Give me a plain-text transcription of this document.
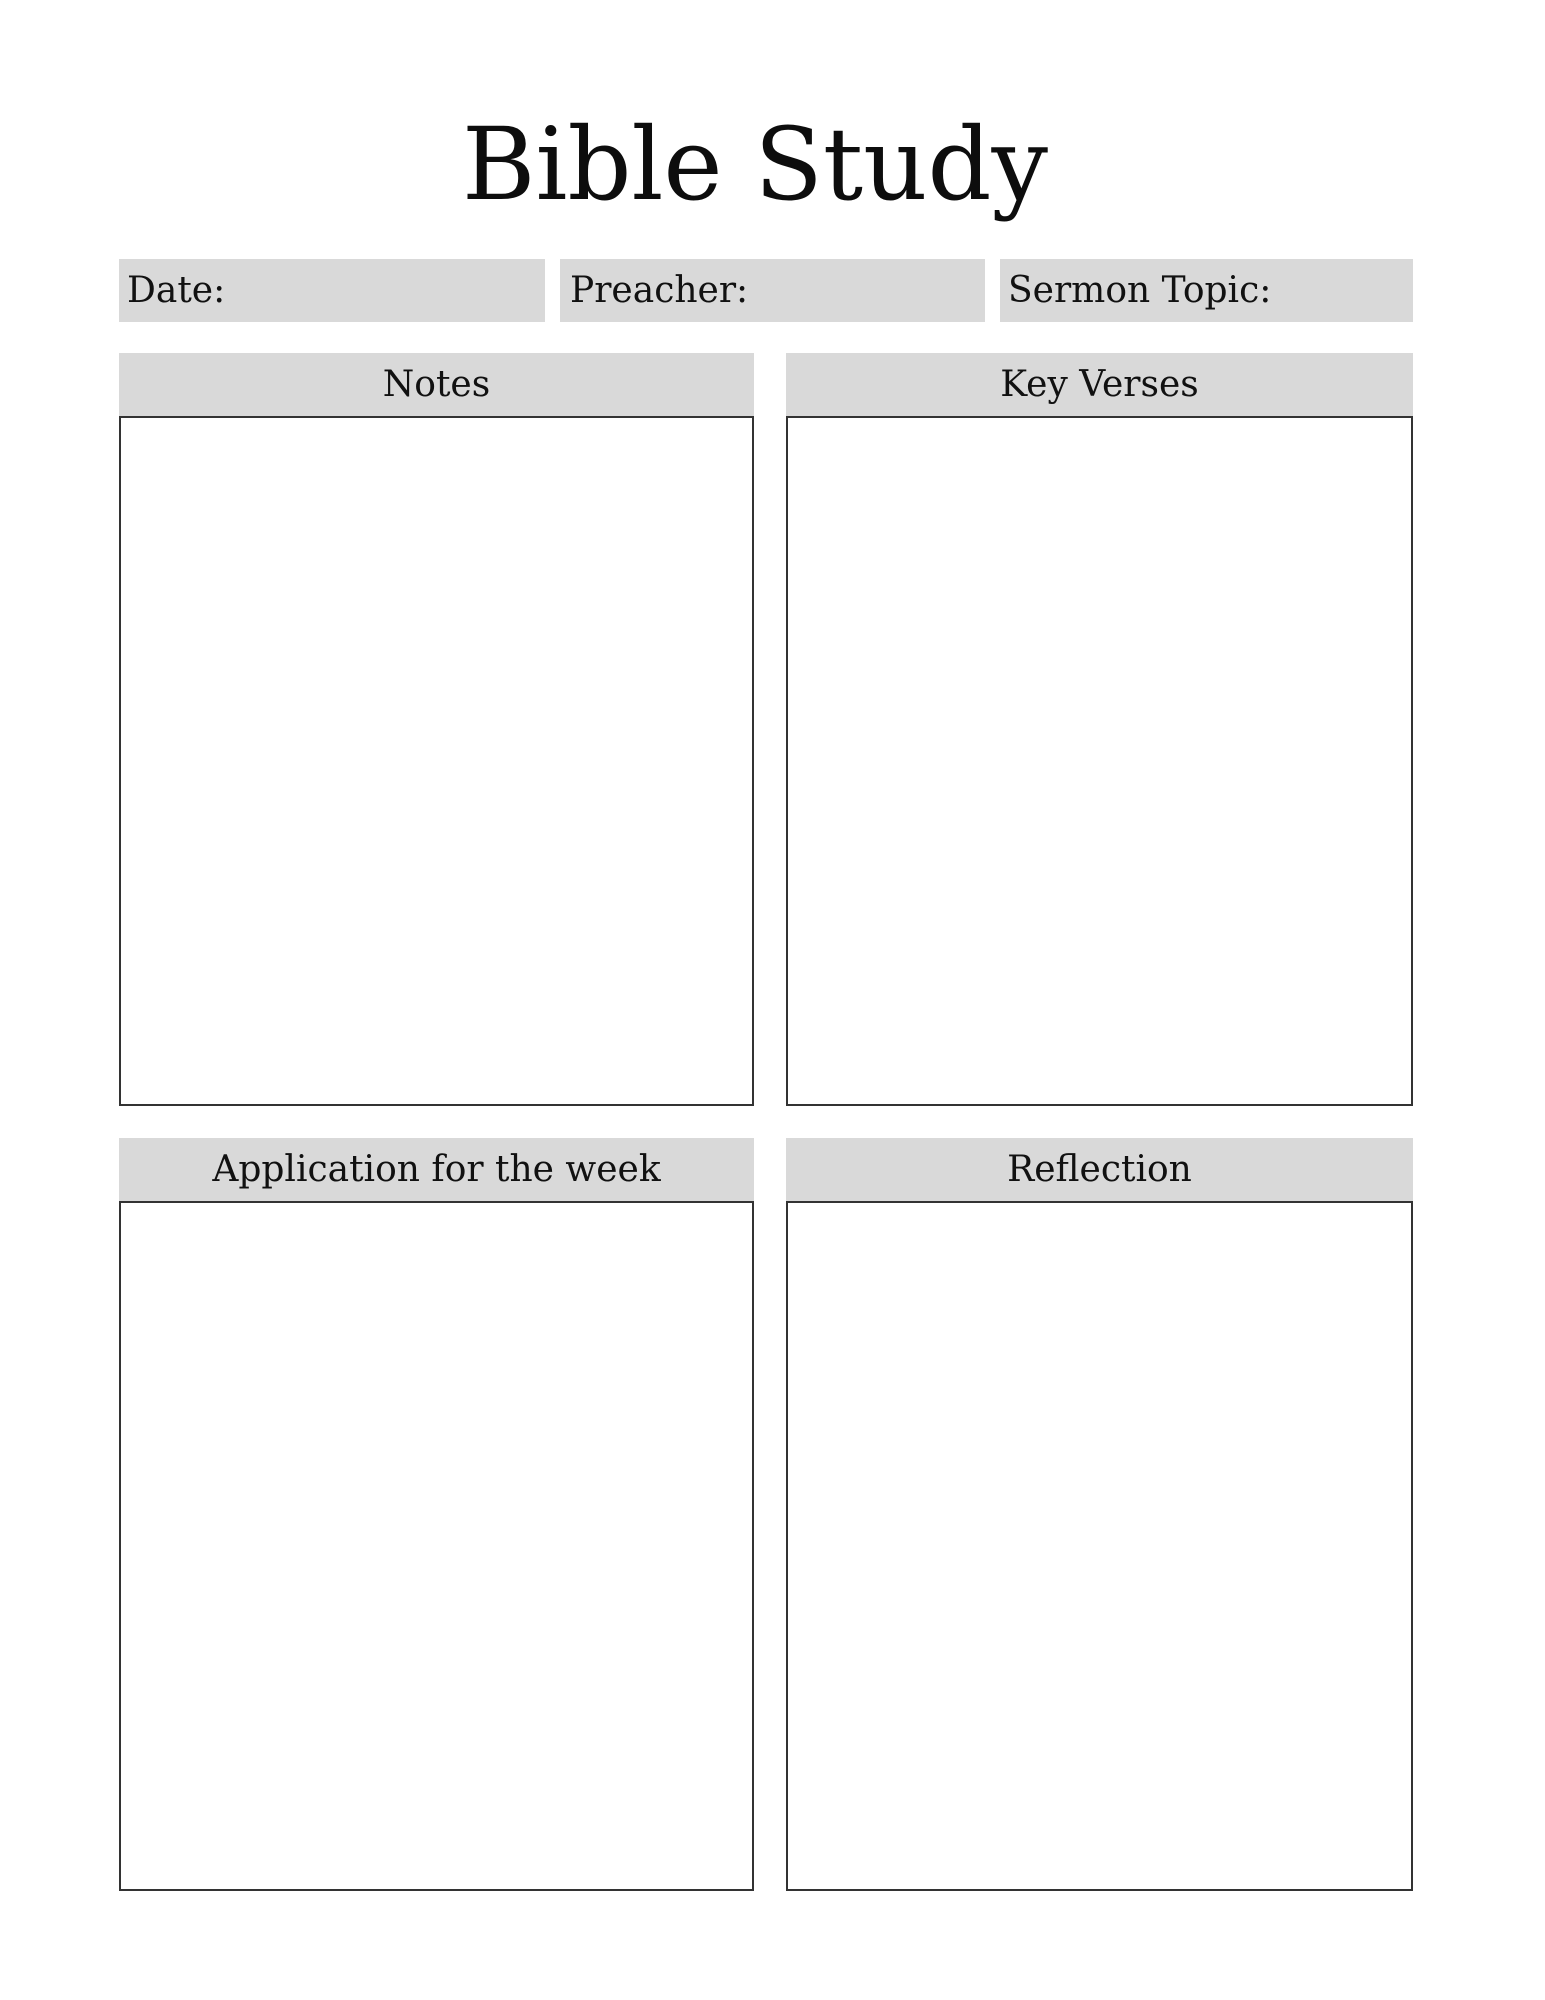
Bible Study
Date:	Preacher:	Sermon Topic:
Notes	Key Verses
Application for the week	Reflection
